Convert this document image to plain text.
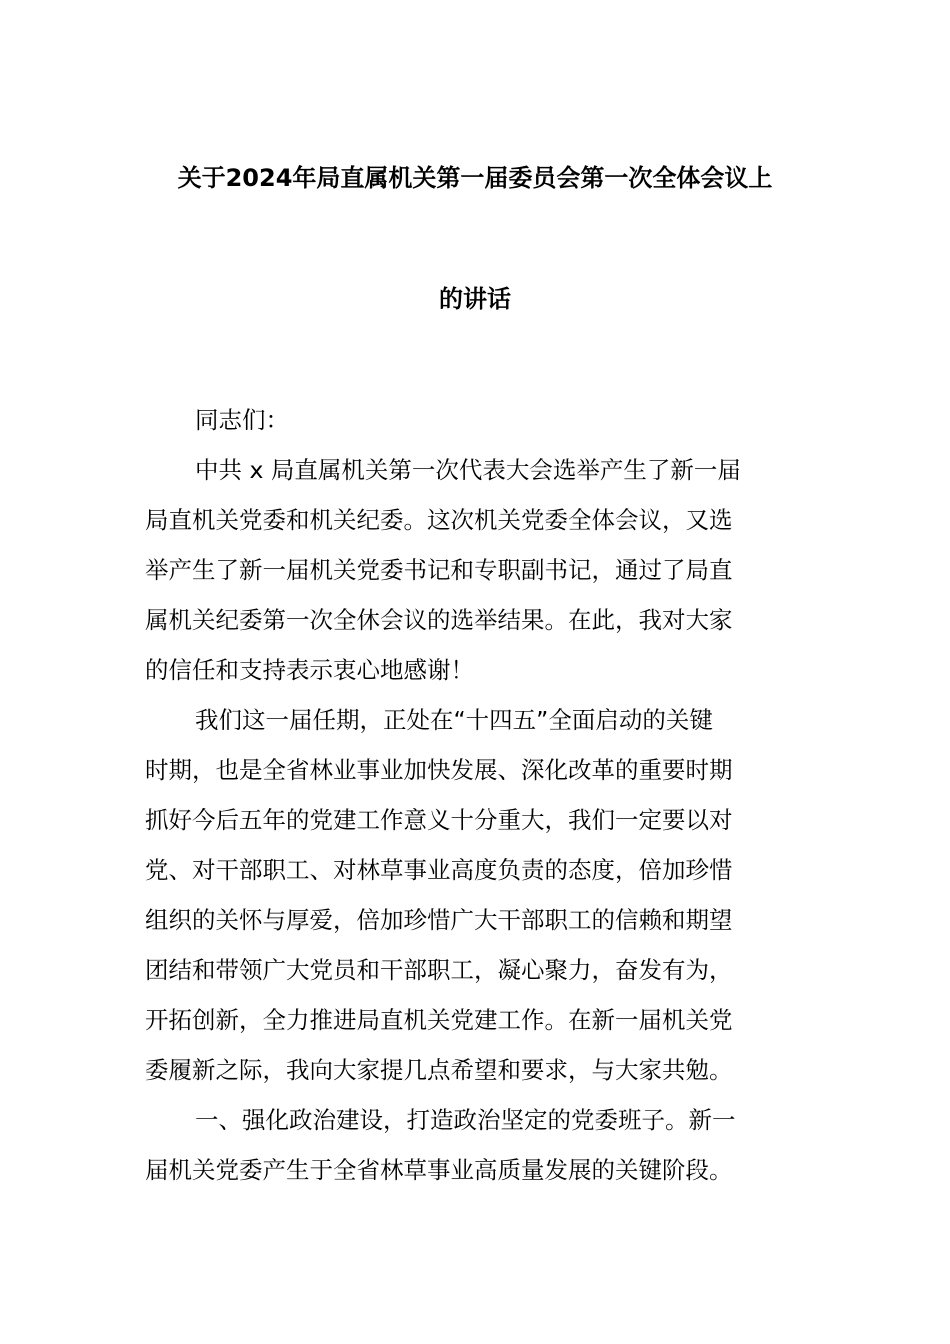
关于2024年局直属机关第一届委员会第一次全体会议上
的讲话
同志们：
中共 x 局直属机关第一次代表大会选举产生了新一届
局直机关党委和机关纪委。这次机关党委全体会议，又选
举产生了新一届机关党委书记和专职副书记，通过了局直
属机关纪委第一次全休会议的选举结果。在此，我对大家
的信任和支持表示衷心地感谢！
我们这一届任期，正处在“十四五”全面启动的关键
时期，也是全省林业事业加快发展、深化改革的重要时期
抓好今后五年的党建工作意义十分重大，我们一定要以对
党、对干部职工、对林草事业高度负责的态度，倍加珍惜
组织的关怀与厚爱，倍加珍惜广大干部职工的信赖和期望
团结和带领广大党员和干部职工，凝心聚力，奋发有为，
开拓创新，全力推进局直机关党建工作。在新一届机关党
委履新之际，我向大家提几点希望和要求，与大家共勉。
一、强化政治建设，打造政治坚定的党委班子。新一
届机关党委产生于全省林草事业高质量发展的关键阶段。
